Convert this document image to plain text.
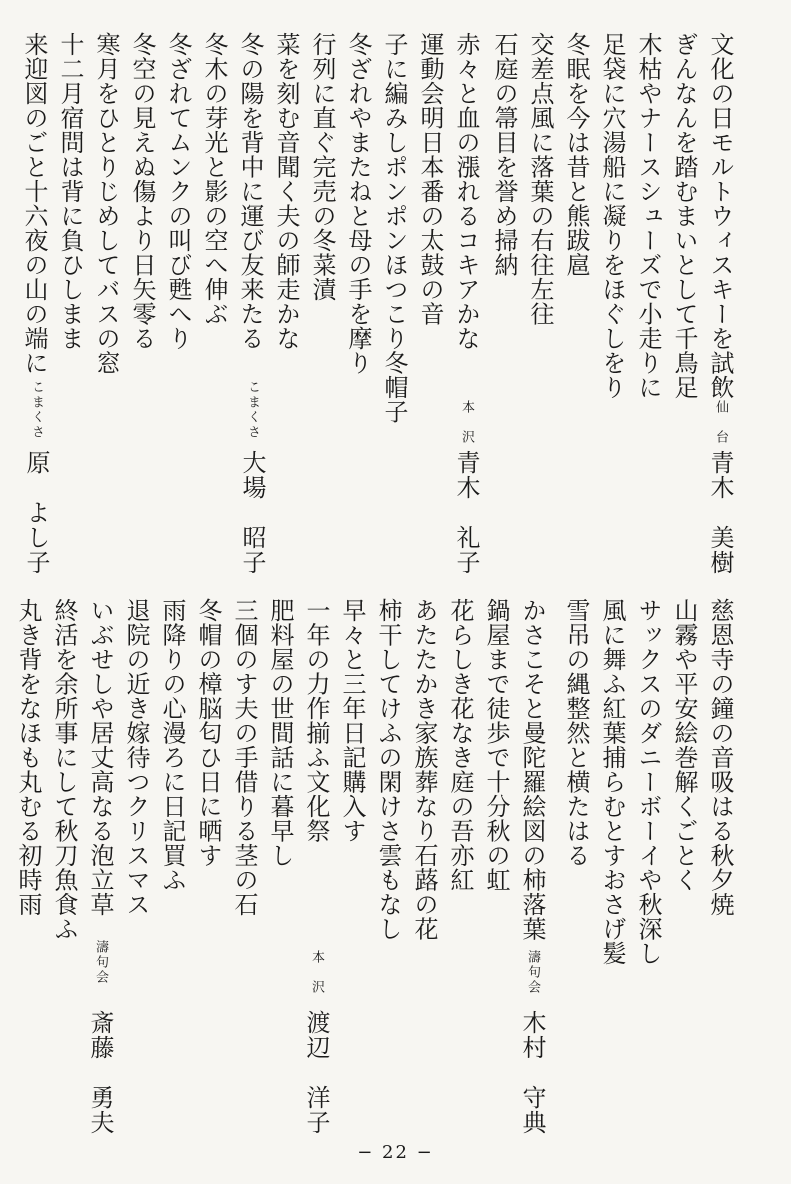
文化の日モルトウィスキーを試飲
ぎんなんを踏むまいとして千鳥足
木枯やナースシューズで小走りに
足袋に穴湯船に凝りをほぐしをり
冬眠を今は昔と熊跋扈
交差点風に落葉の右往左往
石庭の箒目を誉め掃納
仙　台
青木　美樹
赤々と血の漲れるコキアかな
運動会明日本番の太鼓の音
子に編みしポンポンほつこり冬帽子
冬ざれやまたねと母の手を摩り
行列に直ぐ完売の冬菜漬
菜を刻む音聞く夫の師走かな
本　沢
青木　礼子
冬の陽を背中に運び友来たる
冬木の芽光と影の空へ伸ぶ
冬ざれてムンクの叫び甦へり
冬空の見えぬ傷より日矢零る
寒月をひとりじめしてバスの窓
十二月宿問は背に負ひしまま
こまくさ
大場　昭子
来迎図のごと十六夜の山の端に
こまくさ
原　よし子
慈恩寺の鐘の音吸はる秋夕焼
山霧や平安絵巻解くごとく
サックスのダニーボーイや秋深し
風に舞ふ紅葉捕らむとすおさげ髪
雪吊の縄整然と横たはる
かさこそと曼陀羅絵図の柿落葉
濤句会
木村　守典
鍋屋まで徒歩で十分秋の虹
花らしき花なき庭の吾亦紅
あたたかき家族葬なり石蕗の花
柿干してけふの閑けさ雲もなし
早々と三年日記購入す
一年の力作揃ふ文化祭
肥料屋の世間話に暮早し
本　沢
渡辺　洋子
三個のす夫の手借りる茎の石
冬帽の樟脳匂ひ日に晒す
雨降りの心漫ろに日記買ふ
退院の近き嫁待つクリスマス
いぶせしや居丈高なる泡立草
終活を余所事にして秋刀魚食ふ
丸き背をなほも丸むる初時雨
濤句会
斎藤　勇夫
− 22 −
